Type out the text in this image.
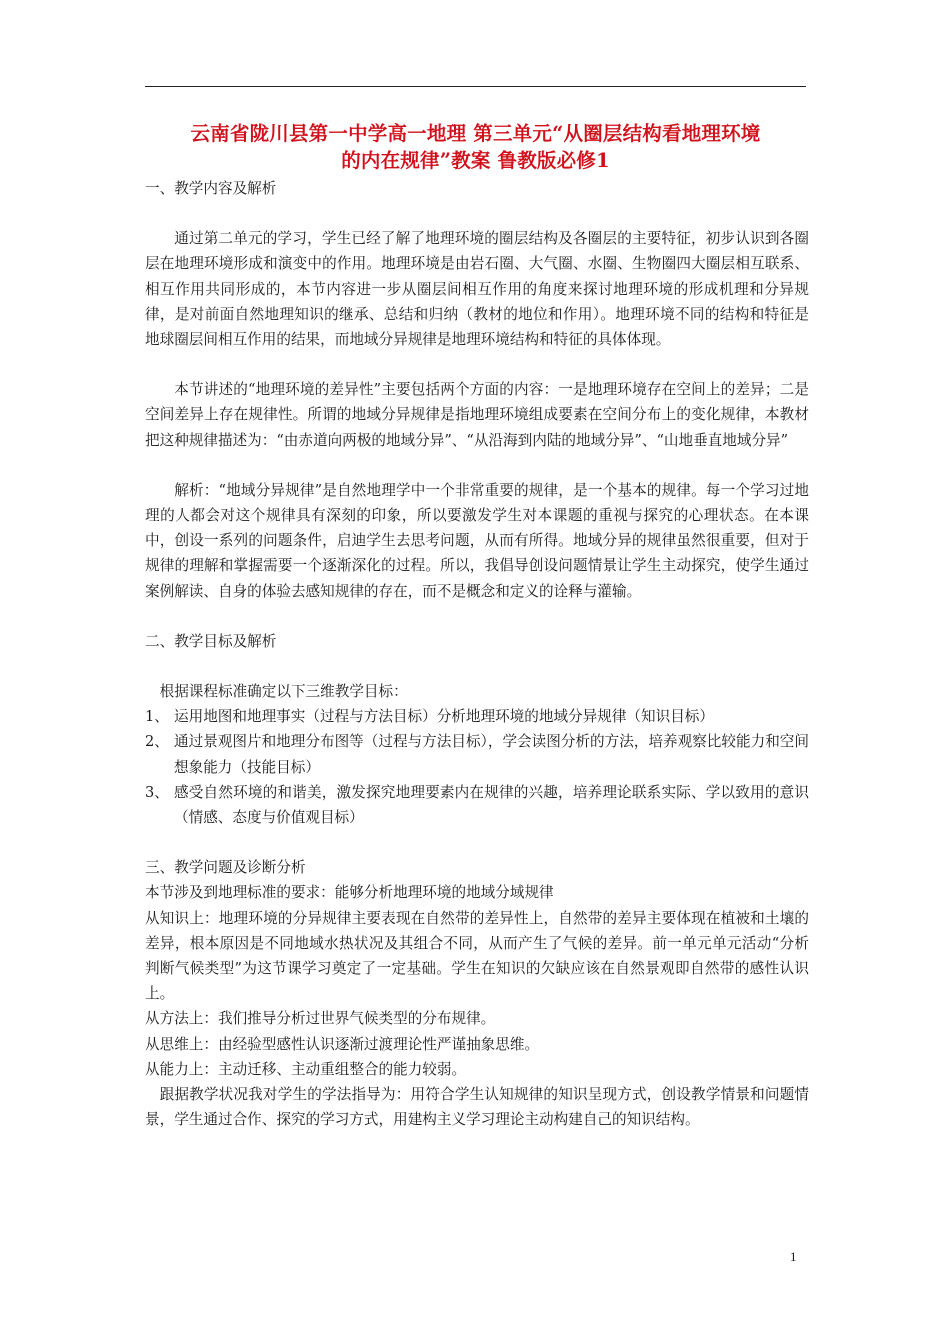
云南省陇川县第一中学高一地理 第三单元“从圈层结构看地理环境
的内在规律”教案 鲁教版必修1

一、教学内容及解析

通过第二单元的学习，学生已经了解了地理环境的圈层结构及各圈层的主要特征，初步认识到各圈层在地理环境形成和演变中的作用。地理环境是由岩石圈、大气圈、水圈、生物圈四大圈层相互联系、相互作用共同形成的，本节内容进一步从圈层间相互作用的角度来探讨地理环境的形成机理和分异规律，是对前面自然地理知识的继承、总结和归纳（教材的地位和作用）。地理环境不同的结构和特征是地球圈层间相互作用的结果，而地域分异规律是地理环境结构和特征的具体体现。

本节讲述的“地理环境的差异性”主要包括两个方面的内容：一是地理环境存在空间上的差异；二是空间差异上存在规律性。所谓的地域分异规律是指地理环境组成要素在空间分布上的变化规律，本教材把这种规律描述为：“由赤道向两极的地域分异”、“从沿海到内陆的地域分异”、“山地垂直地域分异”

解析：“地域分异规律”是自然地理学中一个非常重要的规律，是一个基本的规律。每一个学习过地理的人都会对这个规律具有深刻的印象，所以要激发学生对本课题的重视与探究的心理状态。在本课中，创设一系列的问题条件，启迪学生去思考问题，从而有所得。地域分异的规律虽然很重要，但对于规律的理解和掌握需要一个逐渐深化的过程。所以，我倡导创设问题情景让学生主动探究，使学生通过案例解读、自身的体验去感知规律的存在，而不是概念和定义的诠释与灌输。

二、教学目标及解析

根据课程标准确定以下三维教学目标：

1、 运用地图和地理事实（过程与方法目标）分析地理环境的地域分异规律（知识目标）
2、 通过景观图片和地理分布图等（过程与方法目标），学会读图分析的方法，培养观察比较能力和空间想象能力（技能目标）
3、 感受自然环境的和谐美，激发探究地理要素内在规律的兴趣，培养理论联系实际、学以致用的意识（情感、态度与价值观目标）

三、教学问题及诊断分析

本节涉及到地理标准的要求：能够分析地理环境的地域分域规律

从知识上：地理环境的分异规律主要表现在自然带的差异性上，自然带的差异主要体现在植被和土壤的差异，根本原因是不同地域水热状况及其组合不同，从而产生了气候的差异。前一单元单元活动“分析判断气候类型”为这节课学习奠定了一定基础。学生在知识的欠缺应该在自然景观即自然带的感性认识上。

从方法上：我们推导分析过世界气候类型的分布规律。

从思维上：由经验型感性认识逐渐过渡理论性严谨抽象思维。

从能力上：主动迁移、主动重组整合的能力较弱。

跟据教学状况我对学生的学法指导为：用符合学生认知规律的知识呈现方式，创设教学情景和问题情景，学生通过合作、探究的学习方式，用建构主义学习理论主动构建自己的知识结构。

1
